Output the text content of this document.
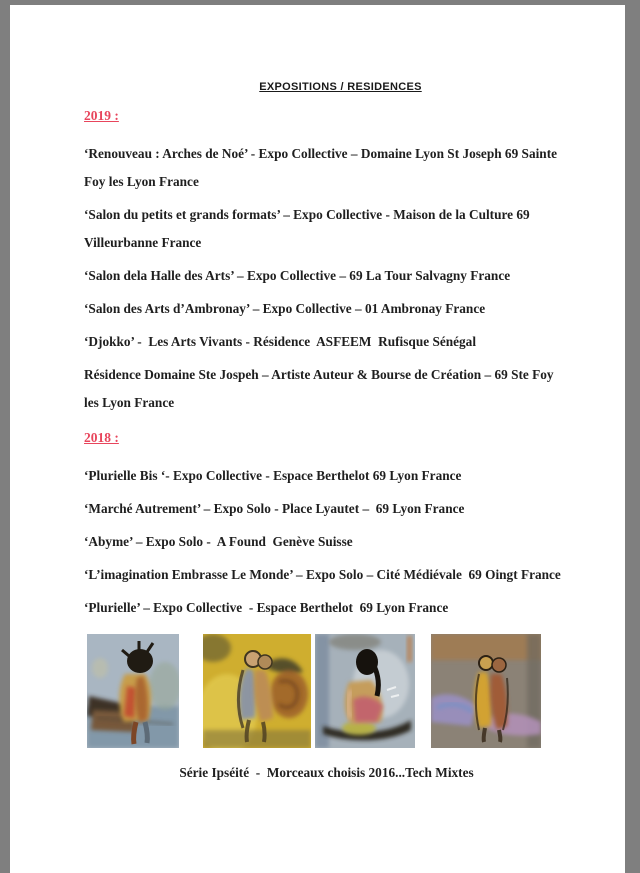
EXPOSITIONS / RESIDENCES

2019 :

‘Renouveau : Arches de Noé’ - Expo Collective – Domaine Lyon St Joseph 69 Sainte Foy les Lyon France

‘Salon du petits et grands formats’ – Expo Collective - Maison de la Culture 69 Villeurbanne France

‘Salon dela Halle des Arts’ – Expo Collective – 69 La Tour Salvagny France

‘Salon des Arts d’Ambronay’ – Expo Collective – 01 Ambronay France

‘Djokko’ -  Les Arts Vivants - Résidence  ASFEEM  Rufisque Sénégal

Résidence Domaine Ste Jospeh – Artiste Auteur & Bourse de Création – 69 Ste Foy les Lyon France

2018 :

‘Plurielle Bis ‘- Expo Collective - Espace Berthelot 69 Lyon France

‘Marché Autrement’ – Expo Solo - Place Lyautet –  69 Lyon France

‘Abyme’ – Expo Solo -  A Found  Genève Suisse

‘L’imagination Embrasse Le Monde’ – Expo Solo – Cité Médiévale  69 Oingt France

‘Plurielle’ – Expo Collective  - Espace Berthelot  69 Lyon France

Série Ipséité  -  Morceaux choisis 2016...Tech Mixtes
